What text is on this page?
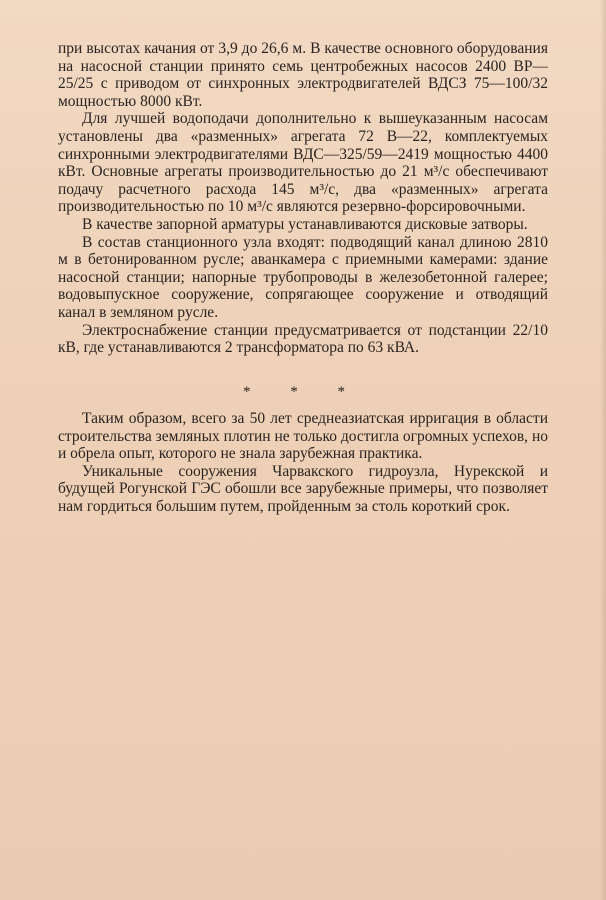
при высотах качания от 3,9 до 26,6 м. В качестве основного оборудования на насосной станции принято семь центробежных насосов 2400 ВР—25/25 с приводом от синхронных электродвигателей ВДСЗ 75—100/32 мощностью 8000 кВт.

Для лучшей водоподачи дополнительно к вышеуказанным насосам установлены два «разменных» агрегата 72 В—22, комплектуемых синхронными электродвигателями ВДС—325/59—2419 мощностью 4400 кВт. Основные агрегаты производительностью до 21 м³/с обеспечивают подачу расчетного расхода 145 м³/с, два «разменных» агрегата производительностью по 10 м³/с являются резервно-форсировочными.

В качестве запорной арматуры устанавливаются дисковые затворы.

В состав станционного узла входят: подводящий канал длиною 2810 м в бетонированном русле; аванкамера с приемными камерами: здание насосной станции; напорные трубопроводы в железобетонной галерее; водовыпускное сооружение, сопрягающее сооружение и отводящий канал в земляном русле.

Электроснабжение станции предусматривается от подстанции 22/10 кВ, где устанавливаются 2 трансформатора по 63 кВА.

* * *

Таким образом, всего за 50 лет среднеазиатская ирригация в области строительства земляных плотин не только достигла огромных успехов, но и обрела опыт, которого не знала зарубежная практика.

Уникальные сооружения Чарвакского гидроузла, Нурекской и будущей Рогунской ГЭС обошли все зарубежные примеры, что позволяет нам гордиться большим путем, пройденным за столь короткий срок.
